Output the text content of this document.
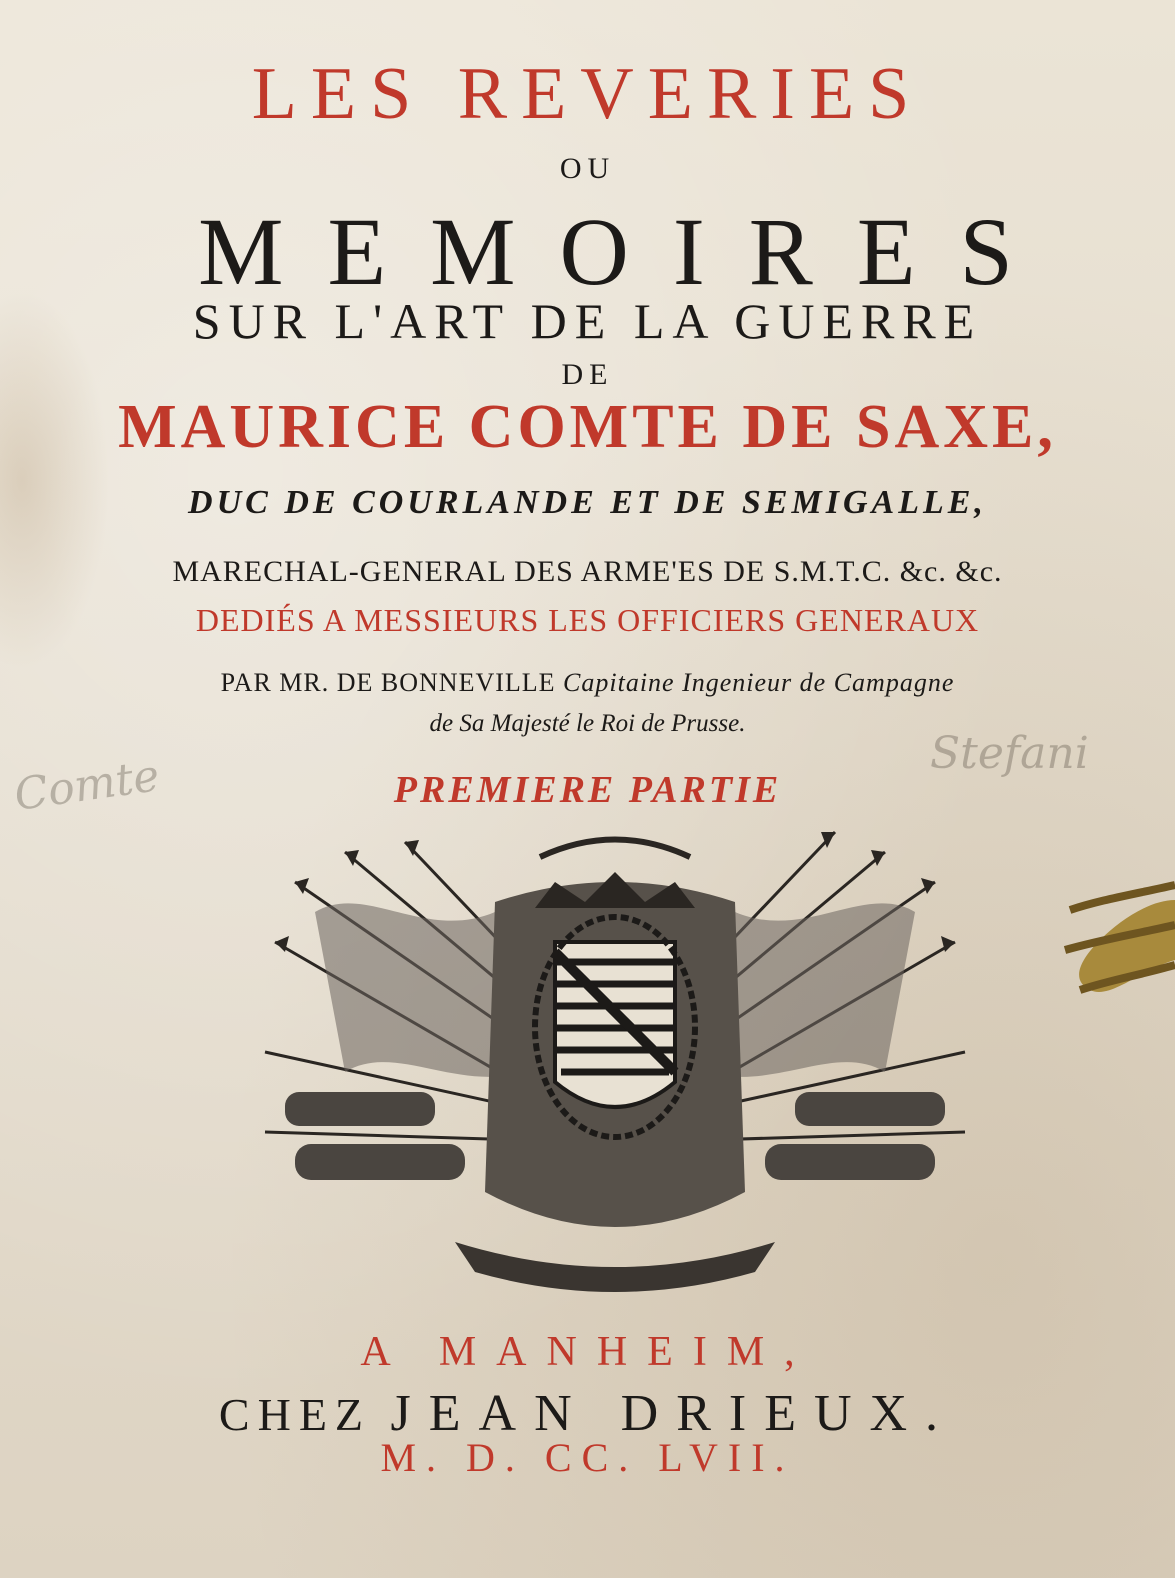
LES REVERIES
OU
MEMOIRES
SUR L'ART DE LA GUERRE
DE
MAURICE COMTE DE SAXE,
DUC DE COURLANDE ET DE SEMIGALLE,
MARECHAL-GENERAL DES ARME'ES DE S.M.T.C. &c. &c.
DEDIÉS A MESSIEURS LES OFFICIERS GENERAUX
PAR MR. DE BONNEVILLE Capitaine Ingenieur de Campagne
de Sa Majesté le Roi de Prusse.
PREMIERE PARTIE
Comte	Stefani
A MANHEIM,
CHEZ JEAN DRIEUX.
M. D. CC. LVII.
